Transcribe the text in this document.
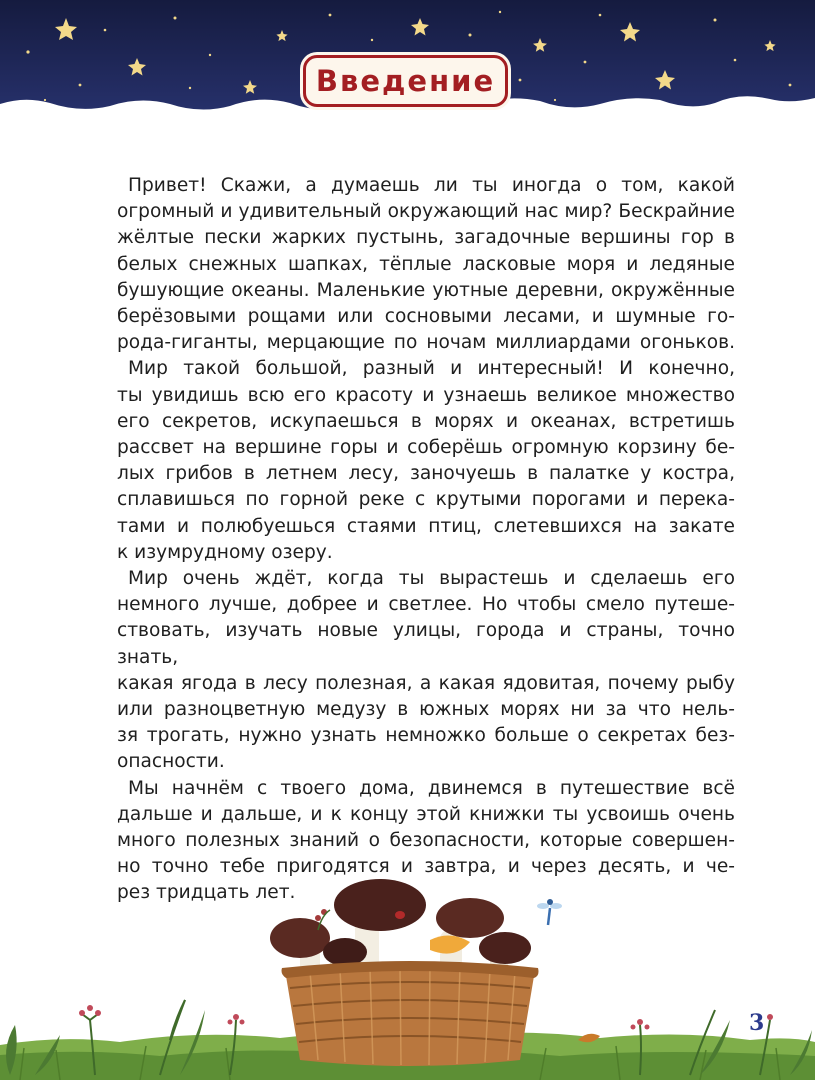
Введение

Привет! Скажи, а думаешь ли ты иногда о том, какой
огромный и удивительный окружающий нас мир? Бескрайние
жёлтые пески жарких пустынь, загадочные вершины гор в
белых снежных шапках, тёплые ласковые моря и ледяные
бушующие океаны. Маленькие уютные деревни, окружённые
берёзовыми рощами или сосновыми лесами, и шумные го-
рода-гиганты, мерцающие по ночам миллиардами огоньков.

Мир такой большой, разный и интересный! И конечно,
ты увидишь всю его красоту и узнаешь великое множество
его секретов, искупаешься в морях и океанах, встретишь
рассвет на вершине горы и соберёшь огромную корзину бе-
лых грибов в летнем лесу, заночуешь в палатке у костра,
сплавишься по горной реке с крутыми порогами и перека-
тами и полюбуешься стаями птиц, слетевшихся на закате
к изумрудному озеру.

Мир очень ждёт, когда ты вырастешь и сделаешь его
немного лучше, добрее и светлее. Но чтобы смело путеше-
ствовать, изучать новые улицы, города и страны, точно знать,
какая ягода в лесу полезная, а какая ядовитая, почему рыбу
или разноцветную медузу в южных морях ни за что нель-
зя трогать, нужно узнать немножко больше о секретах без-
опасности.

Мы начнём с твоего дома, двинемся в путешествие всё
дальше и дальше, и к концу этой книжки ты усвоишь очень
много полезных знаний о безопасности, которые совершен-
но точно тебе пригодятся и завтра, и через десять, и че-
рез тридцать лет.

3
